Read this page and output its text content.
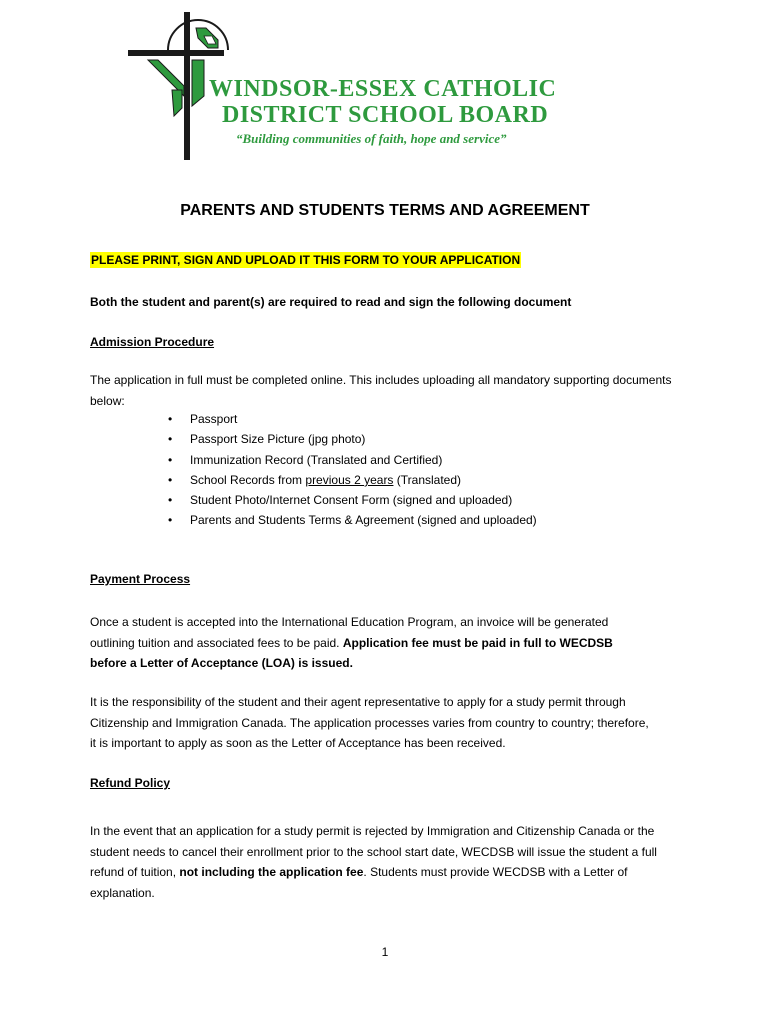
WINDSOR-ESSEX CATHOLIC
DISTRICT SCHOOL BOARD
“Building communities of faith, hope and service”
PARENTS AND STUDENTS TERMS AND AGREEMENT
PLEASE PRINT, SIGN AND UPLOAD IT THIS FORM TO YOUR APPLICATION
Both the student and parent(s) are required to read and sign the following document
Admission Procedure

The application in full must be completed online. This includes uploading all mandatory supporting documents below:

• Passport
• Passport Size Picture (jpg photo)
• Immunization Record (Translated and Certified)
• School Records from previous 2 years (Translated)
• Student Photo/Internet Consent Form (signed and uploaded)
• Parents and Students Terms & Agreement (signed and uploaded)
Payment Process

Once a student is accepted into the International Education Program, an invoice will be generated outlining tuition and associated fees to be paid. Application fee must be paid in full to WECDSB before a Letter of Acceptance (LOA) is issued.

It is the responsibility of the student and their agent representative to apply for a study permit through Citizenship and Immigration Canada. The application processes varies from country to country; therefore, it is important to apply as soon as the Letter of Acceptance has been received.

Refund Policy

In the event that an application for a study permit is rejected by Immigration and Citizenship Canada or the student needs to cancel their enrollment prior to the school start date, WECDSB will issue the student a full refund of tuition, not including the application fee. Students must provide WECDSB with a Letter of explanation.

1
